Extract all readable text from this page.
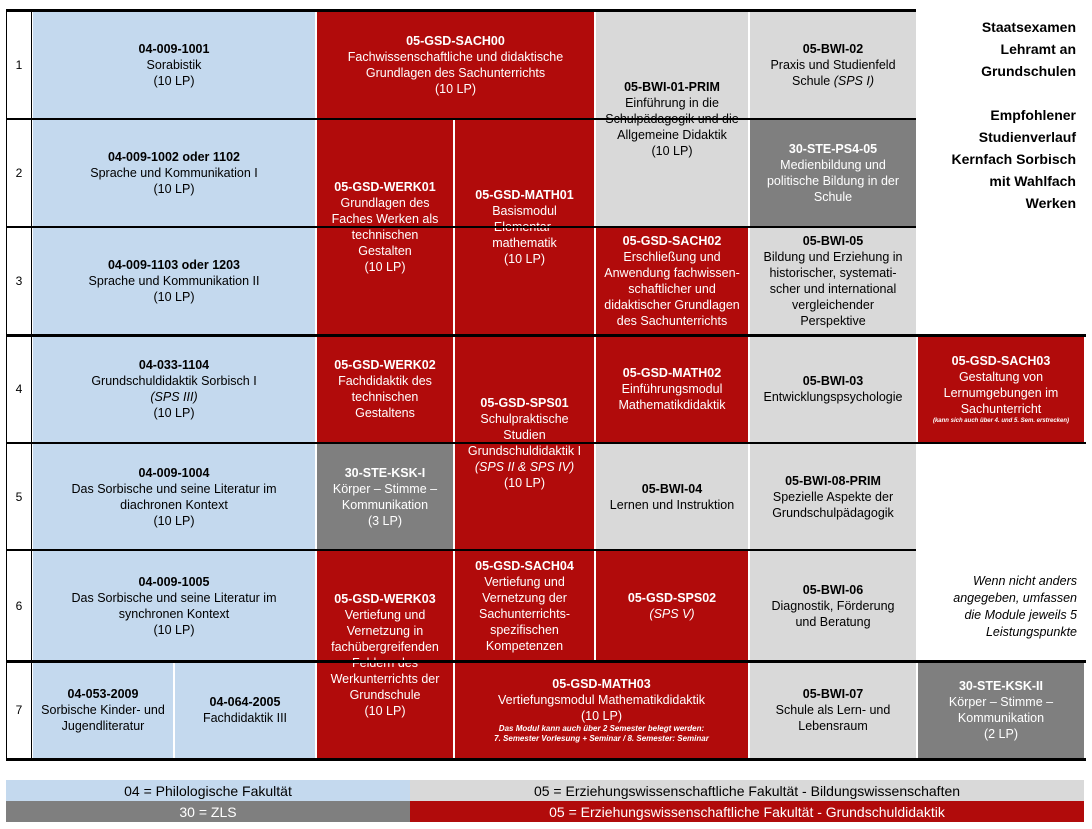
1
2
3
4
5
6
7
04-009-1001
Sorabistik
(10 LP)
04-009-1002 oder 1102
Sprache und Kommunikation I
(10 LP)
04-009-1103 oder 1203
Sprache und Kommunikation II
(10 LP)
04-033-1104
Grundschuldidaktik Sorbisch I
(SPS III)
(10 LP)
04-009-1004
Das Sorbische und seine Literatur im
diachronen Kontext
(10 LP)
04-009-1005
Das Sorbische und seine Literatur im
synchronen Kontext
(10 LP)
04-053-2009
Sorbische Kinder- und
Jugendliteratur
04-064-2005
Fachdidaktik III
05-GSD-SACH00
Fachwissenschaftliche und didaktische
Grundlagen des Sachunterrichts
(10 LP)
05-GSD-WERK01
Grundlagen des
Faches Werken als
technischen
Gestalten
(10 LP)
05-GSD-MATH01
Basismodul
mathematik
(10 LP)
05-GSD-WERK02
Fachdidaktik des
technischen
Gestaltens
30-STE-KSK-I
Körper – Stimme –
Kommunikation
(3 LP)
05-GSD-WERK03
Vertiefung und
Vernetzung in
fachübergreifenden
Werkunterrichts der
Grundschule
(10 LP)
05-GSD-SPS01
Schulpraktische
Studien
Grundschuldidaktik I
(SPS II & SPS IV)
(10 LP)
05-GSD-SACH04
Vertiefung und
Vernetzung der
Sachunterrichts-
spezifischen
Kompetenzen
05-BWI-01-PRIM
Einführung in die
Allgemeine Didaktik
(10 LP)
05-GSD-SACH02
Erschließung und
Anwendung fachwissen-
schaftlicher und
didaktischer Grundlagen
des Sachunterrichts
05-GSD-MATH02
Einführungsmodul
Mathematikdidaktik
05-BWI-04
Lernen und Instruktion
05-GSD-SPS02
(SPS V)
05-GSD-MATH03
Vertiefungsmodul Mathematikdidaktik
(10 LP)
Das Modul kann auch über 2 Semester belegt werden:
7. Semester Vorlesung + Seminar / 8. Semester: Seminar
05-BWI-02
Praxis und Studienfeld
Schule (SPS I)
30-STE-PS4-05
Medienbildung und
politische Bildung in der
Schule
05-BWI-05
Bildung und Erziehung in
historischer, systemati-
scher und international
vergleichender
Perspektive
05-BWI-03
Entwicklungspsychologie
05-BWI-08-PRIM
Spezielle Aspekte der
Grundschulpädagogik
05-BWI-06
Diagnostik, Förderung
und Beratung
05-BWI-07
Schule als Lern- und
Lebensraum
05-GSD-SACH03
Gestaltung von
Lernumgebungen im
Sachunterricht
(kann sich auch über 4. und 5. Sem. erstrecken)
30-STE-KSK-II
Körper – Stimme –
Kommunikation
(2 LP)
Staatsexamen
Lehramt an
Grundschulen
Empfohlener
Studienverlauf
Kernfach Sorbisch
mit Wahlfach
Werken
Wenn nicht anders
angegeben, umfassen
die Module jeweils 5
Leistungspunkte
04 = Philologische Fakultät	05 = Erziehungswissenschaftliche Fakultät - Bildungswissenschaften
30 = ZLS	05 = Erziehungswissenschaftliche Fakultät - Grundschuldidaktik
